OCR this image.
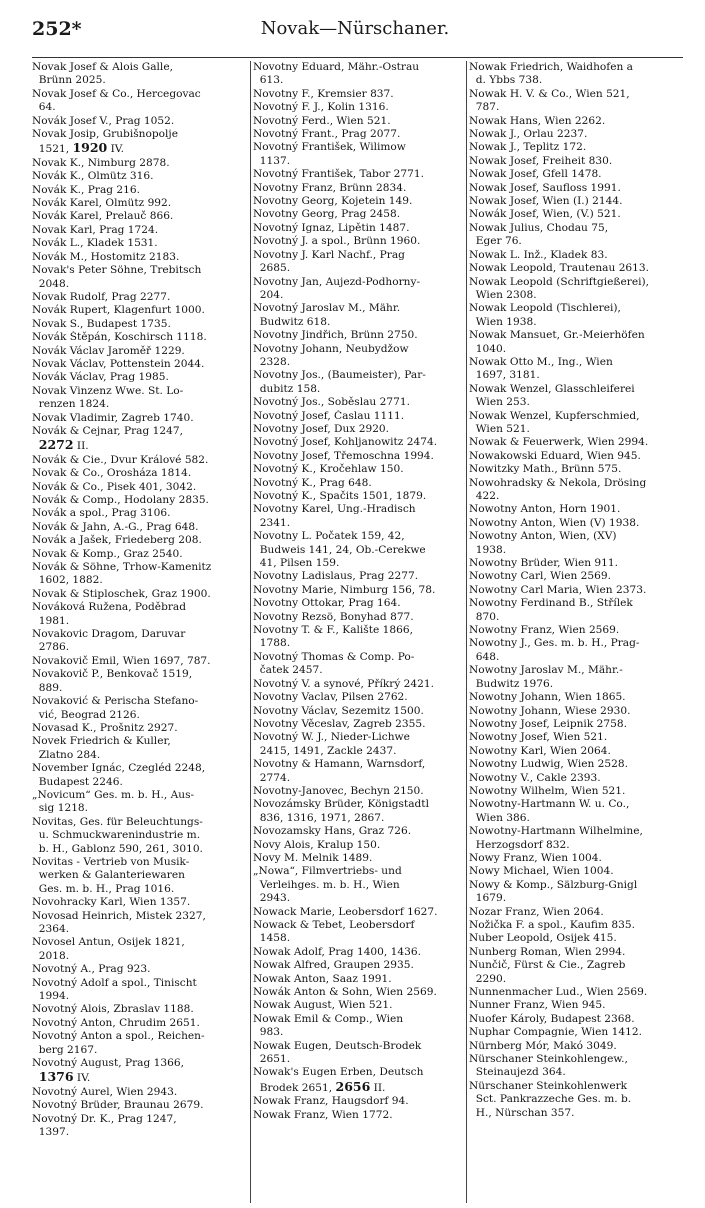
252*	Novak—Nürschaner.
Novak Josef & Alois Galle,
Brünn 2025.
Novak Josef & Co., Hercegovac
64.
Novák Josef V., Prag 1052.
Novak Josip, Grubišnopolje
1521, 1920 IV.
Novak K., Nimburg 2878.
Novák K., Olmütz 316.
Novák K., Prag 216.
Novák Karel, Olmütz 992.
Novák Karel, Prelauč 866.
Novak Karl, Prag 1724.
Novák L., Kladek 1531.
Novák M., Hostomitz 2183.
Novak's Peter Söhne, Trebitsch
2048.
Novak Rudolf, Prag 2277.
Novák Rupert, Klagenfurt 1000.
Novak S., Budapest 1735.
Novák Štěpán, Koschirsch 1118.
Novák Václav Jaroměř 1229.
Novak Václav, Pottenstein 2044.
Novák Václav, Prag 1985.
Novak Vinzenz Wwe. St. Lo-
renzen 1824.
Novak Vladimir, Zagreb 1740.
Novák & Cejnar, Prag 1247,
2272 II.
Novák & Cie., Dvur Králové 582.
Novak & Co., Orosháza 1814.
Novák & Co., Pisek 401, 3042.
Novák & Comp., Hodolany 2835.
Novák a spol., Prag 3106.
Novák & Jahn, A.-G., Prag 648.
Novák a Jašek, Friedeberg 208.
Novak & Komp., Graz 2540.
Novák & Söhne, Trhow-Kamenitz
1602, 1882.
Novak & Stiploschek, Graz 1900.
Nováková Ružena, Poděbrad
1981.
Novakovic Dragom, Daruvar
2786.
Novakovič Emil, Wien 1697, 787.
Novakovič P., Benkovač 1519,
889.
Novaković & Perischa Stefano-
vić, Beograd 2126.
Novasad K., Prošnitz 2927.
Novek Friedrich & Kuller,
Zlatno 284.
November Ignác, Czegléd 2248,
Budapest 2246.
„Novicum“ Ges. m. b. H., Aus-
sig 1218.
Novitas, Ges. für Beleuchtungs-
u. Schmuckwarenindustrie m.
b. H., Gablonz 590, 261, 3010.
Novitas - Vertrieb von Musik-
werken & Galanteriewaren
Ges. m. b. H., Prag 1016.
Novohracky Karl, Wien 1357.
Novosad Heinrich, Mistek 2327,
2364.
Novosel Antun, Osijek 1821,
2018.
Novotný A., Prag 923.
Novotný Adolf a spol., Tinischt
1994.
Novotný Alois, Zbraslav 1188.
Novotný Anton, Chrudim 2651.
Novotný Anton a spol., Reichen-
berg 2167.
Novotný August, Prag 1366,
1376 IV.
Novotný Aurel, Wien 2943.
Novotný Brüder, Braunau 2679.
Novotný Dr. K., Prag 1247,
1397.
Novotny Eduard, Mähr.-Ostrau
613.
Novotny F., Kremsier 837.
Novotný F. J., Kolin 1316.
Novotný Ferd., Wien 521.
Novotný Frant., Prag 2077.
Novotný František, Wilimow
1137.
Novotný František, Tabor 2771.
Novotny Franz, Brünn 2834.
Novotny Georg, Kojetein 149.
Novotny Georg, Prag 2458.
Novotný Ignaz, Lipětin 1487.
Novotný J. a spol., Brünn 1960.
Novotny J. Karl Nachf., Prag
2685.
Novotny Jan, Aujezd-Podhorny-
204.
Novotný Jaroslav M., Mähr.
Budwitz 618.
Novotny Jindřich, Brünn 2750.
Novotny Johann, Neubydžow
2328.
Novotny Jos., (Baumeister), Par-
dubitz 158.
Novotný Jos., Soběslau 2771.
Novotný Josef, Časlau 1111.
Novotny Josef, Dux 2920.
Novotný Josef, Kohljanowitz 2474.
Novotny Josef, Třemoschna 1994.
Novotný K., Kročehlaw 150.
Novotný K., Prag 648.
Novotný K., Spačits 1501, 1879.
Novotny Karel, Ung.-Hradisch
2341.
Novotny L. Počatek 159, 42,
Budweis 141, 24, Ob.-Cerekwe
41, Pilsen 159.
Novotny Ladislaus, Prag 2277.
Novotny Marie, Nimburg 156, 78.
Novotny Ottokar, Prag 164.
Novotny Rezsö, Bonyhad 877.
Novotny T. & F., Kalište 1866,
1788.
Novotný Thomas & Comp. Po-
čatek 2457.
Novotný V. a synové, Příkrý 2421.
Novotny Vaclav, Pilsen 2762.
Novotny Václav, Sezemitz 1500.
Novotny Věceslav, Zagreb 2355.
Novotný W. J., Nieder-Lichwe
2415, 1491, Zackle 2437.
Novotny & Hamann, Warnsdorf,
2774.
Novotny-Janovec, Bechyn 2150.
Novozámsky Brüder, Königstadtl
836, 1316, 1971, 2867.
Novozamsky Hans, Graz 726.
Novy Alois, Kralup 150.
Novy M. Melnik 1489.
„Nowa“, Filmvertriebs- und
Verleihges. m. b. H., Wien
2943.
Nowack Marie, Leobersdorf 1627.
Nowack & Tebet, Leobersdorf
1458.
Nowak Adolf, Prag 1400, 1436.
Nowak Alfred, Graupen 2935.
Nowak Anton, Saaz 1991.
Nowák Anton & Sohn, Wien 2569.
Nowak August, Wien 521.
Nowak Emil & Comp., Wien
983.
Nowak Eugen, Deutsch-Brodek
2651.
Nowak's Eugen Erben, Deutsch
Brodek 2651, 2656 II.
Nowak Franz, Haugsdorf 94.
Nowak Franz, Wien 1772.
Nowak Friedrich, Waidhofen a
d. Ybbs 738.
Nowak H. V. & Co., Wien 521,
787.
Nowak Hans, Wien 2262.
Nowak J., Orlau 2237.
Nowak J., Teplitz 172.
Nowak Josef, Freiheit 830.
Nowak Josef, Gfell 1478.
Nowak Josef, Saufloss 1991.
Nowak Josef, Wien (I.) 2144.
Nowák Josef, Wien, (V.) 521.
Nowak Julius, Chodau 75,
Eger 76.
Nowak L. Inž., Kladek 83.
Nowak Leopold, Trautenau 2613.
Nowak Leopold (Schriftgießerei),
Wien 2308.
Nowak Leopold (Tischlerei),
Wien 1938.
Nowak Mansuet, Gr.-Meierhöfen
1040.
Nowak Otto M., Ing., Wien
1697, 3181.
Nowak Wenzel, Glasschleiferei
Wien 253.
Nowak Wenzel, Kupferschmied,
Wien 521.
Nowak & Feuerwerk, Wien 2994.
Nowakowski Eduard, Wien 945.
Nowitzky Math., Brünn 575.
Nowohradsky & Nekola, Drösing
422.
Nowotny Anton, Horn 1901.
Nowotny Anton, Wien (V) 1938.
Nowotny Anton, Wien, (XV)
1938.
Nowotny Brüder, Wien 911.
Nowotny Carl, Wien 2569.
Nowotny Carl Maria, Wien 2373.
Nowotny Ferdinand B., Střílek
870.
Nowotny Franz, Wien 2569.
Nowotny J., Ges. m. b. H., Prag-
648.
Nowotny Jaroslav M., Mähr.-
Budwitz 1976.
Nowotny Johann, Wien 1865.
Nowotny Johann, Wiese 2930.
Nowotny Josef, Leipnik 2758.
Nowotny Josef, Wien 521.
Nowotny Karl, Wien 2064.
Nowotny Ludwig, Wien 2528.
Nowotny V., Cakle 2393.
Nowotny Wilhelm, Wien 521.
Nowotny-Hartmann W. u. Co.,
Wien 386.
Nowotny-Hartmann Wilhelmine,
Herzogsdorf 832.
Nowy Franz, Wien 1004.
Nowy Michael, Wien 1004.
Nowy & Komp., Sälzburg-Gnigl
1679.
Nozar Franz, Wien 2064.
Nožička F. a spol., Kaufim 835.
Nuber Leopold, Osijek 415.
Nunberg Roman, Wien 2994.
Nunčič, Fürst & Cie., Zagreb
2290.
Nunnenmacher Lud., Wien 2569.
Nunner Franz, Wien 945.
Nuofer Károly, Budapest 2368.
Nuphar Compagnie, Wien 1412.
Nürnberg Mór, Makó 3049.
Nürschaner Steinkohlengew.,
Steinaujezd 364.
Nürschaner Steinkohlenwerk
Sct. Pankrazzeche Ges. m. b.
H., Nürschan 357.
